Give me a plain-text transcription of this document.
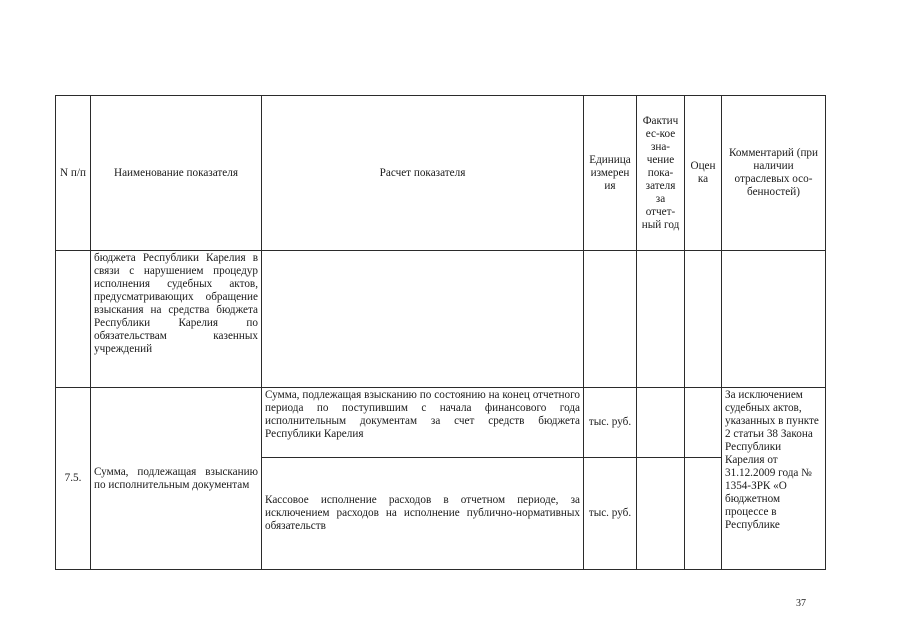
N п/п	Наименование показателя	Расчет показателя	Единица измерен ия	Фактич ес-кое зна- чение пока- зателя за отчет- ный год	Оцен ка	Комментарий (при наличии отраслевых осо- бенностей)
	бюджета Республики Карелия в связи с нарушением процедур исполнения судебных актов, предусматривающих обращение взыскания на средства бюджета Республики Карелия по обязательствам казенных учреждений					
7.5.	Сумма, подлежащая взысканию по исполнительным документам	Сумма, подлежащая взысканию по состоянию на конец отчетного периода по поступившим с начала финансового года исполнительным документам за счет средств бюджета Республики Карелия	тыс. руб.			За исключением судебных актов, указанных в пункте 2 статьи 38 Закона Республики Карелия от 31.12.2009 года № 1354-ЗРК «О бюджетном процессе в Республике
		Кассовое исполнение расходов в отчетном периоде, за исключением расходов на исполнение публично-нормативных обязательств	тыс. руб.			
37
